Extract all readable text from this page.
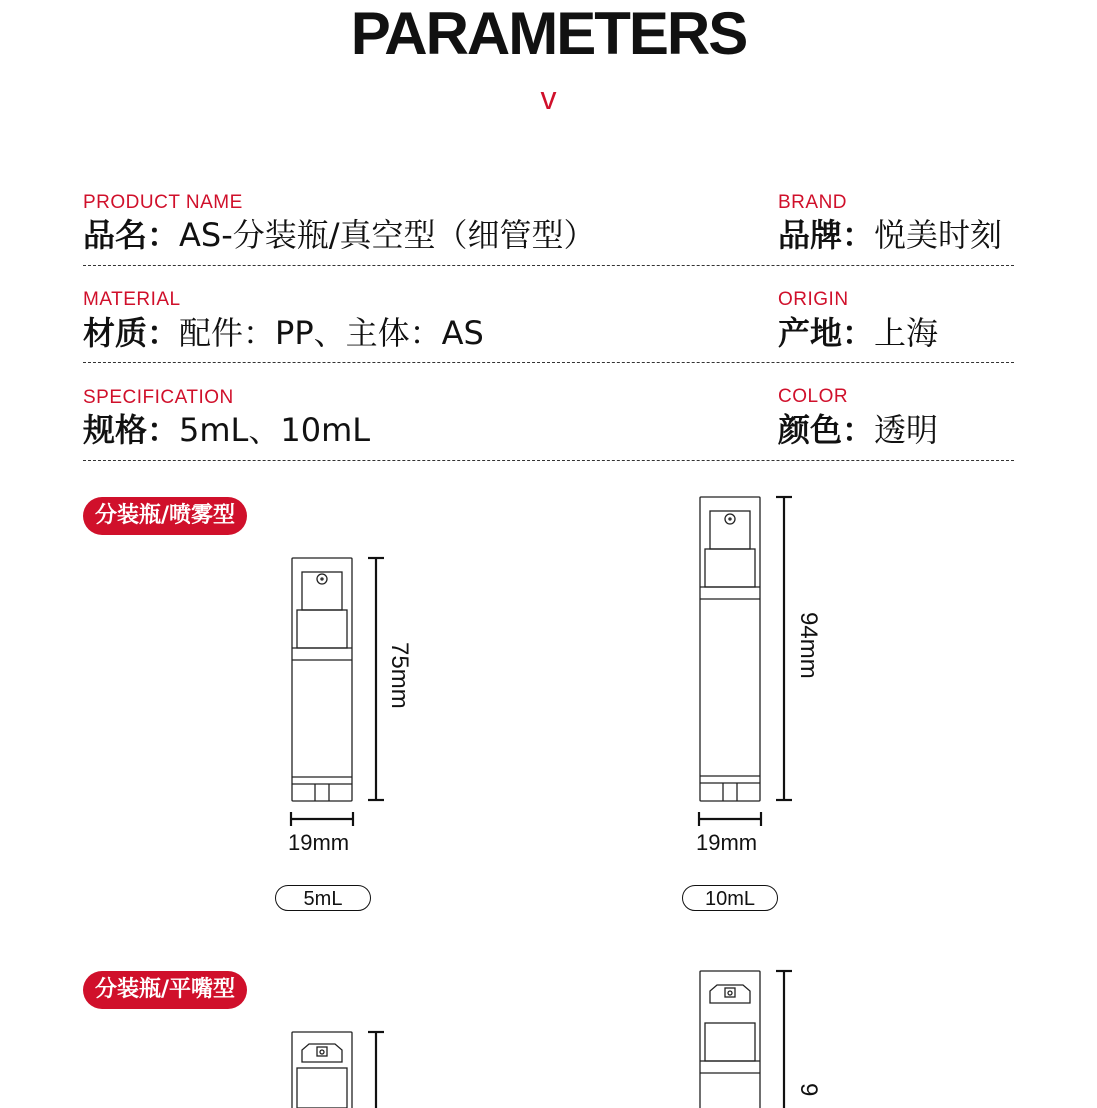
PARAMETERS
v
PRODUCT NAME
品名：AS-分装瓶/真空型（细管型）
BRAND
品牌：悦美时刻
MATERIAL
材质：配件：PP、主体：AS
ORIGIN
产地：上海
SPECIFICATION
规格：5mL、10mL
COLOR
颜色：透明
分装瓶/喷雾型
75mm
19mm
5mL
94mm
19mm
10mL
分装瓶/平嘴型
9
